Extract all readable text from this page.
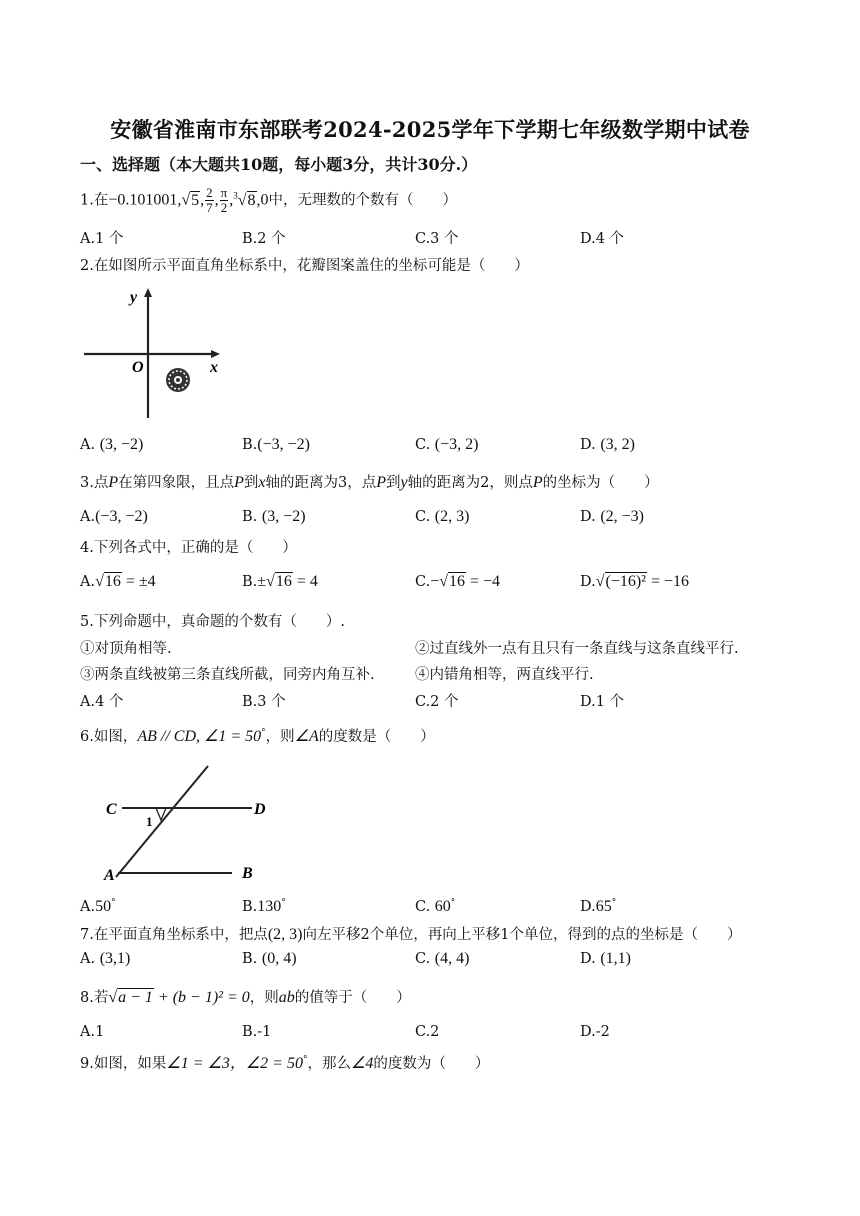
安徽省淮南市东部联考2024-2025学年下学期七年级数学期中试卷
一、选择题（本大题共10题，每小题3分，共计30分.）
1.在−0.101001,√5, $\frac{2}{7}$ , $\frac{\pi}{2} ,^3√8,0$中，无理数的个数有（　　）
A.1 个	B.2 个	C.3 个	D.4 个
2.在如图所示平面直角坐标系中，花瓣图案盖住的坐标可能是（　　）
y
x
O
A. (3, −2)	B.(−3, −2)	C. (−3, 2)	D. (3, 2)
3.点P在第四象限，且点P到x轴的距离为3，点P到y轴的距离为2，则点P的坐标为（　　）
A.(−3, −2)	B. (3, −2)	C. (2, 3)	D. (2, −3)
4.下列各式中，正确的是（　　）
A.√16 = ±4	B.±√16 = 4	C.−√16 = −4	D.√(−16)² = −16
5.下列命题中，真命题的个数有（　　）.
①对顶角相等.	②过直线外一点有且只有一条直线与这条直线平行.
③两条直线被第三条直线所截，同旁内角互补.	④内错角相等，两直线平行.
A.4 个	B.3 个	C.2 个	D.1 个
6.如图，AB // CD, ∠1 = 50°，则∠A的度数是（　　）
C	D
A	B
1
A.50°	B.130°	C. 60°	D.65°
7.在平面直角坐标系中，把点(2, 3)向左平移2个单位，再向上平移1个单位，得到的点的坐标是（　　）
A. (3,1)	B. (0, 4)	C. (4, 4)	D. (1,1)
8.若√a − 1 + (b − 1)² = 0，则ab的值等于（　　）
A.1	B.-1	C.2	D.-2
9.如图，如果∠1 = ∠3，∠2 = 50°，那么∠4的度数为（　　）
